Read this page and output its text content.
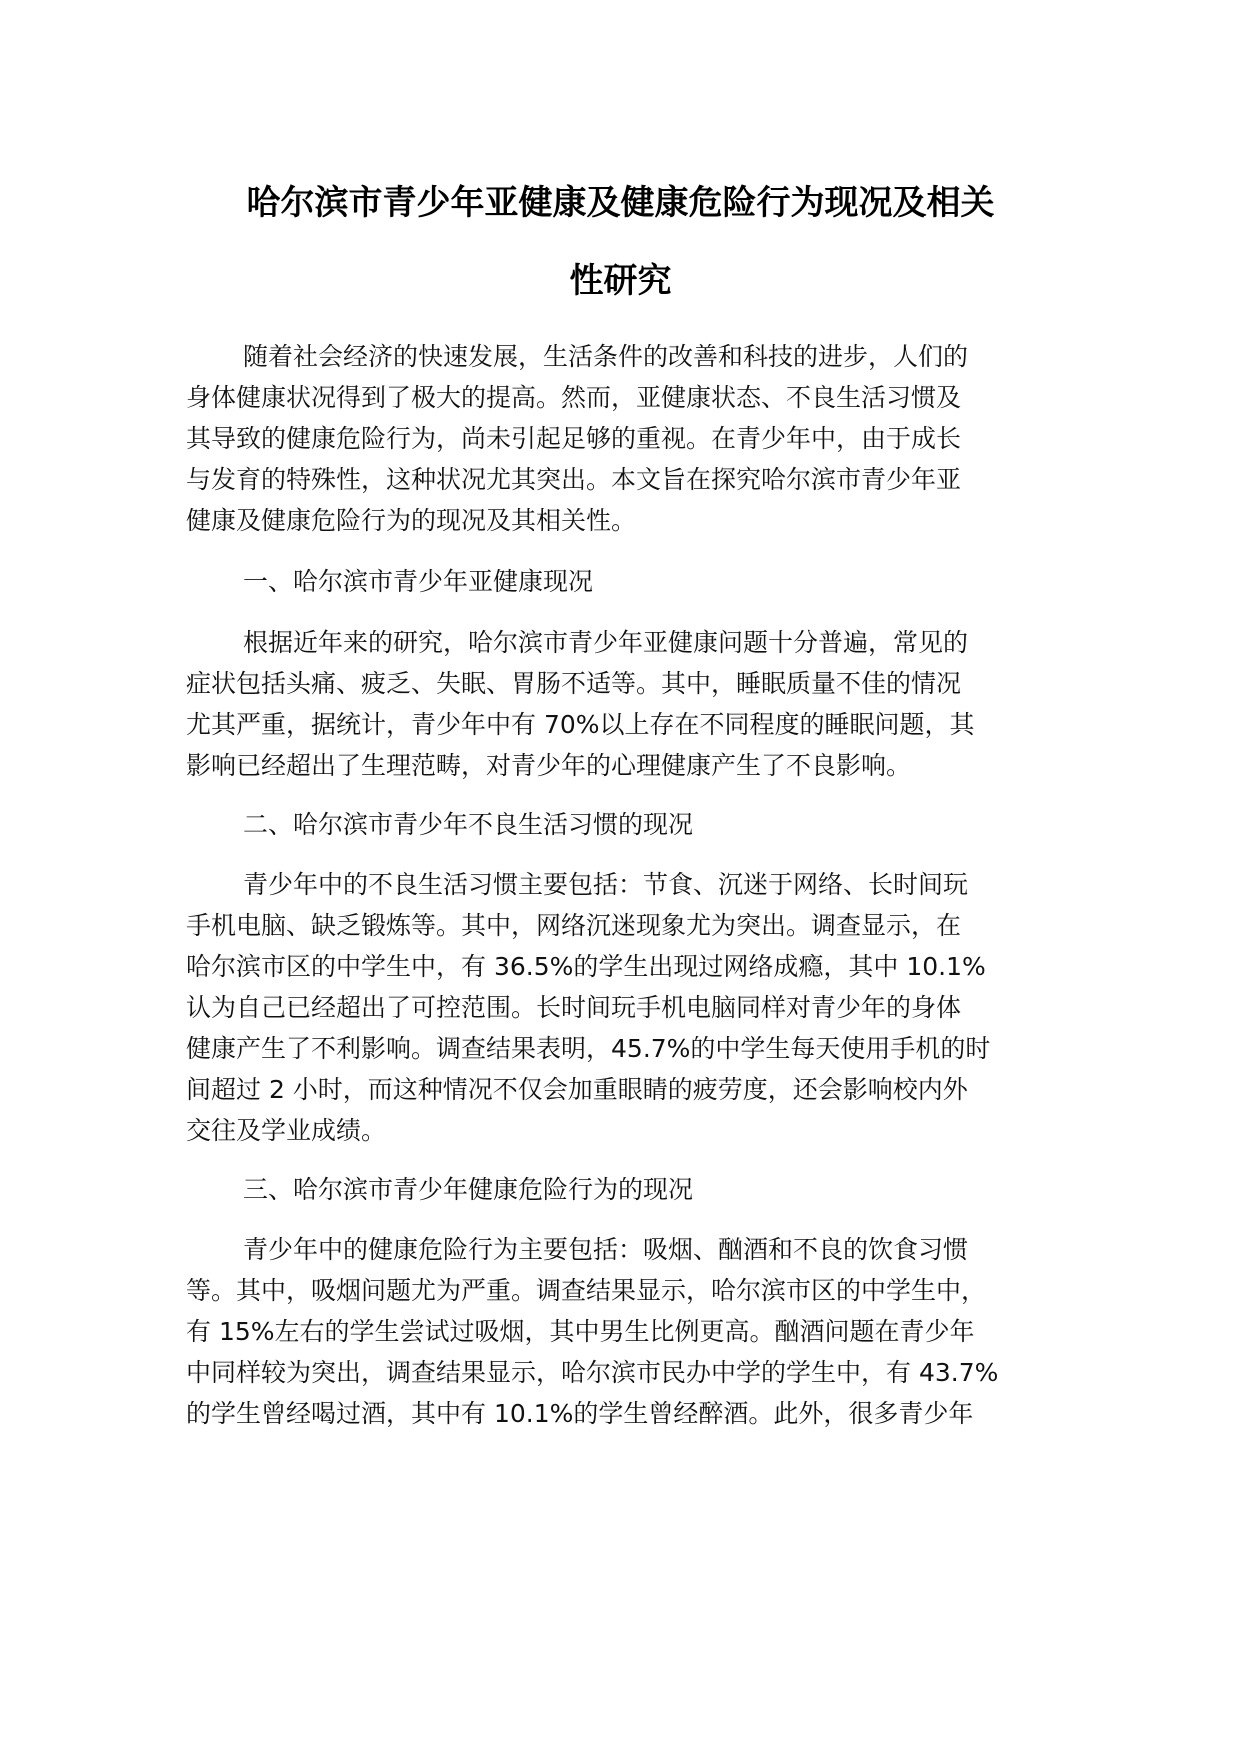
哈尔滨市青少年亚健康及健康危险行为现况及相关
性研究
随着社会经济的快速发展，生活条件的改善和科技的进步，人们的
身体健康状况得到了极大的提高。然而，亚健康状态、不良生活习惯及
其导致的健康危险行为，尚未引起足够的重视。在青少年中，由于成长
与发育的特殊性，这种状况尤其突出。本文旨在探究哈尔滨市青少年亚
健康及健康危险行为的现况及其相关性。
一、哈尔滨市青少年亚健康现况
根据近年来的研究，哈尔滨市青少年亚健康问题十分普遍，常见的
症状包括头痛、疲乏、失眠、胃肠不适等。其中，睡眠质量不佳的情况
尤其严重，据统计，青少年中有 70%以上存在不同程度的睡眠问题，其
影响已经超出了生理范畴，对青少年的心理健康产生了不良影响。
二、哈尔滨市青少年不良生活习惯的现况
青少年中的不良生活习惯主要包括：节食、沉迷于网络、长时间玩
手机电脑、缺乏锻炼等。其中，网络沉迷现象尤为突出。调查显示，在
哈尔滨市区的中学生中，有 36.5%的学生出现过网络成瘾，其中 10.1%
认为自己已经超出了可控范围。长时间玩手机电脑同样对青少年的身体
健康产生了不利影响。调查结果表明，45.7%的中学生每天使用手机的时
间超过 2 小时，而这种情况不仅会加重眼睛的疲劳度，还会影响校内外
交往及学业成绩。
三、哈尔滨市青少年健康危险行为的现况
青少年中的健康危险行为主要包括：吸烟、酗酒和不良的饮食习惯
等。其中，吸烟问题尤为严重。调查结果显示，哈尔滨市区的中学生中，
有 15%左右的学生尝试过吸烟，其中男生比例更高。酗酒问题在青少年
中同样较为突出，调查结果显示，哈尔滨市民办中学的学生中，有 43.7%
的学生曾经喝过酒，其中有 10.1%的学生曾经醉酒。此外，很多青少年
